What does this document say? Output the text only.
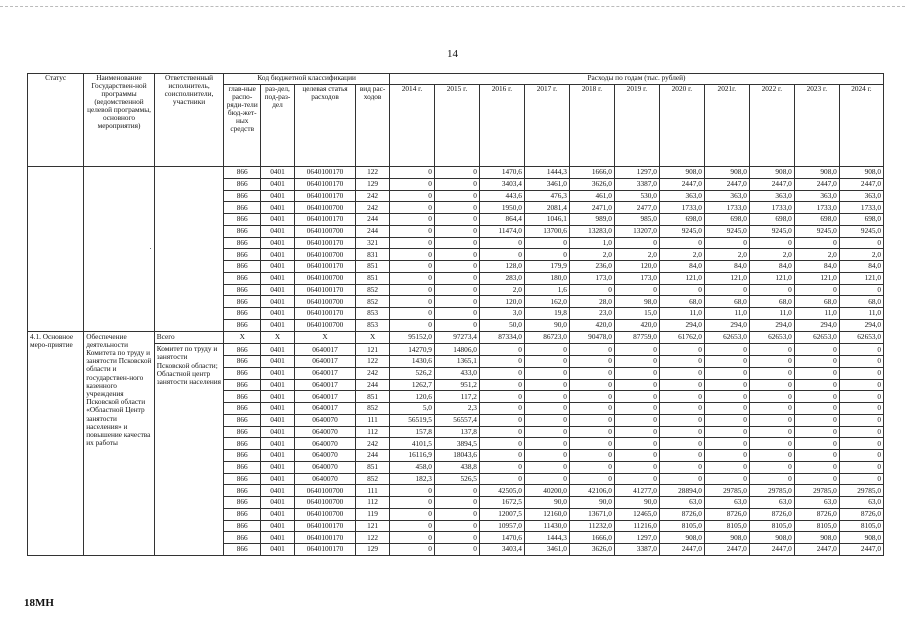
14
Статус	Наименование Государствен-ной программы (ведомственной целевой программы, основного мероприятия)	Ответственный исполнитель, соисполнители, участники	Код бюджетной классификации				Расходы по годам (тыс. рублей)										
			глав-ные распо-ряди-тели бюд-жет-ных средств	раз-дел, под-раз-дел	целевая статья расходов	вид рас-ходов	2014 г.	2015 г.	2016 г.	2017 г.	2018 г.	2019 г.	2020 г.	2021г.	2022 г.	2023 г.	2024 г.
	·		866	0401	0640100170	122	0	0	1470,6	1444,3	1666,0	1297,0	908,0	908,0	908,0	908,0	908,0
			866	0401	0640100170	129	0	0	3403,4	3461,0	3626,0	3387,0	2447,0	2447,0	2447,0	2447,0	2447,0
			866	0401	0640100170	242	0	0	443,6	476,3	461,0	530,0	363,0	363,0	363,0	363,0	363,0
			866	0401	0640100700	242	0	0	1950,0	2081,4	2471,0	2477,0	1733,0	1733,0	1733,0	1733,0	1733,0
			866	0401	0640100170	244	0	0	864,4	1046,1	989,0	985,0	698,0	698,0	698,0	698,0	698,0
			866	0401	0640100700	244	0	0	11474,0	13700,6	13283,0	13207,0	9245,0	9245,0	9245,0	9245,0	9245,0
			866	0401	0640100170	321	0	0	0	0	1,0	0	0	0	0	0	0
			866	0401	0640100700	831	0	0	0	0	2,0	2,0	2,0	2,0	2,0	2,0	2,0
			866	0401	0640100170	851	0	0	128,0	179,9	236,0	120,0	84,0	84,0	84,0	84,0	84,0
			866	0401	0640100700	851	0	0	283,0	180,0	173,0	173,0	121,0	121,0	121,0	121,0	121,0
			866	0401	0640100170	852	0	0	2,0	1,6	0	0	0	0	0	0	0
			866	0401	0640100700	852	0	0	120,0	162,0	28,0	98,0	68,0	68,0	68,0	68,0	68,0
			866	0401	0640100170	853	0	0	3,0	19,8	23,0	15,0	11,0	11,0	11,0	11,0	11,0
			866	0401	0640100700	853	0	0	50,0	90,0	420,0	420,0	294,0	294,0	294,0	294,0	294,0
4.1. Основное меро-приятие	Обеспечение деятельности Комитета по труду и занятости Псковской области и государствен-ного казенного учреждения Псковской области «Областной Центр занятости населения» и повышение качества их работы	Всего	X	X	X	X	95152,0	97273,4	87334,0	86723,0	90478,0	87759,0	61762,0	62653,0	62653,0	62653,0	62653,0
		Комитет по труду и занятости Псковской области; Областной центр занятости населения	866	0401	0640017	121	14270,9	14806,0	0	0	0	0	0	0	0	0	0
			866	0401	0640017	122	1430,6	1365,1	0	0	0	0	0	0	0	0	0
			866	0401	0640017	242	526,2	433,0	0	0	0	0	0	0	0	0	0
			866	0401	0640017	244	1262,7	951,2	0	0	0	0	0	0	0	0	0
			866	0401	0640017	851	120,6	117,2	0	0	0	0	0	0	0	0	0
			866	0401	0640017	852	5,0	2,3	0	0	0	0	0	0	0	0	0
			866	0401	0640070	111	56519,5	56557,4	0	0	0	0	0	0	0	0	0
			866	0401	0640070	112	157,8	137,8	0	0	0	0	0	0	0	0	0
			866	0401	0640070	242	4101,5	3894,5	0	0	0	0	0	0	0	0	0
			866	0401	0640070	244	16116,9	18043,6	0	0	0	0	0	0	0	0	0
			866	0401	0640070	851	458,0	438,8	0	0	0	0	0	0	0	0	0
			866	0401	0640070	852	182,3	526,5	0	0	0	0	0	0	0	0	0
			866	0401	0640100700	111	0	0	42505,0	40200,0	42106,0	41277,0	28894,0	29785,0	29785,0	29785,0	29785,0
			866	0401	0640100700	112	0	0	1672,5	90,0	90,0	90,0	63,0	63,0	63,0	63,0	63,0
			866	0401	0640100700	119	0	0	12007,5	12160,0	13671,0	12465,0	8726,0	8726,0	8726,0	8726,0	8726,0
			866	0401	0640100170	121	0	0	10957,0	11430,0	11232,0	11216,0	8105,0	8105,0	8105,0	8105,0	8105,0
			866	0401	0640100170	122	0	0	1470,6	1444,3	1666,0	1297,0	908,0	908,0	908,0	908,0	908,0
			866	0401	0640100170	129	0	0	3403,4	3461,0	3626,0	3387,0	2447,0	2447,0	2447,0	2447,0	2447,0
18МН
